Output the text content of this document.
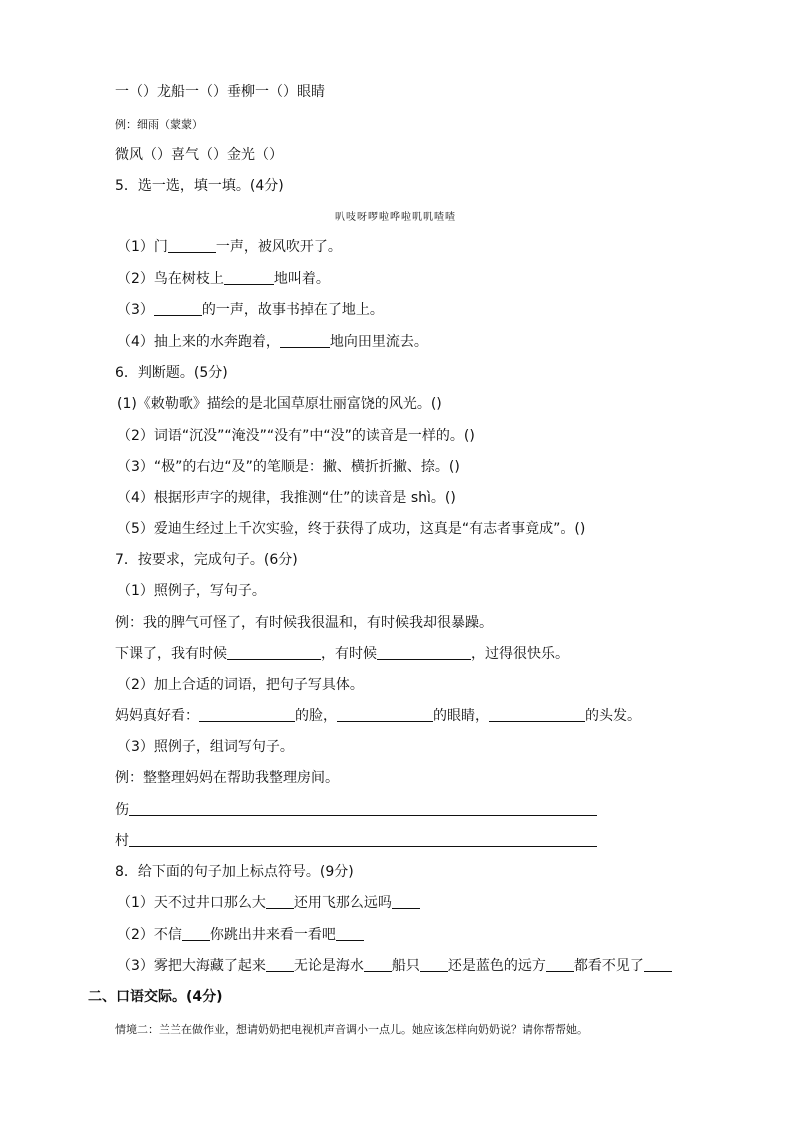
一（）龙船一（）垂柳一（）眼睛
例：细雨（蒙蒙）
微风（）喜气（）金光（）
5．选一选，填一填。(4分)
叭吱呀啰啦哗啦叽叽喳喳
（1）门	一声，被风吹开了。
（2）鸟在树枝上	地叫着。
（3）	的一声，故事书掉在了地上。
（4）抽上来的水奔跑着，	地向田里流去。
6．判断题。(5分)
(1)《敕勒歌》描绘的是北国草原壮丽富饶的风光。()
（2）词语“沉没”“淹没”“没有”中“没”的读音是一样的。()
（3）“极”的右边“及”的笔顺是：撇、横折折撇、捺。()
（4）根据形声字的规律，我推测“仕”的读音是 shì。()
（5）爱迪生经过上千次实验，终于获得了成功，这真是“有志者事竟成”。()
7．按要求，完成句子。(6分)
（1）照例子，写句子。
例：我的脾气可怪了，有时候我很温和，有时候我却很暴躁。
下课了，我有时候	，有时候	，过得很快乐。
（2）加上合适的词语，把句子写具体。
妈妈真好看：	的脸，	的眼睛，	的头发。
（3）照例子，组词写句子。
例：整整理妈妈在帮助我整理房间。
伤
村
8．给下面的句子加上标点符号。(9分)
（1）天不过井口那么大 还用飞那么远吗
（2）不信 你跳出井来看一看吧
（3）雾把大海藏了起来 无论是海水 船只 还是蓝色的远方 都看不见了
二、口语交际。(4分)
情境二：兰兰在做作业，想请奶奶把电视机声音调小一点儿。她应该怎样向奶奶说？请你帮帮她。
